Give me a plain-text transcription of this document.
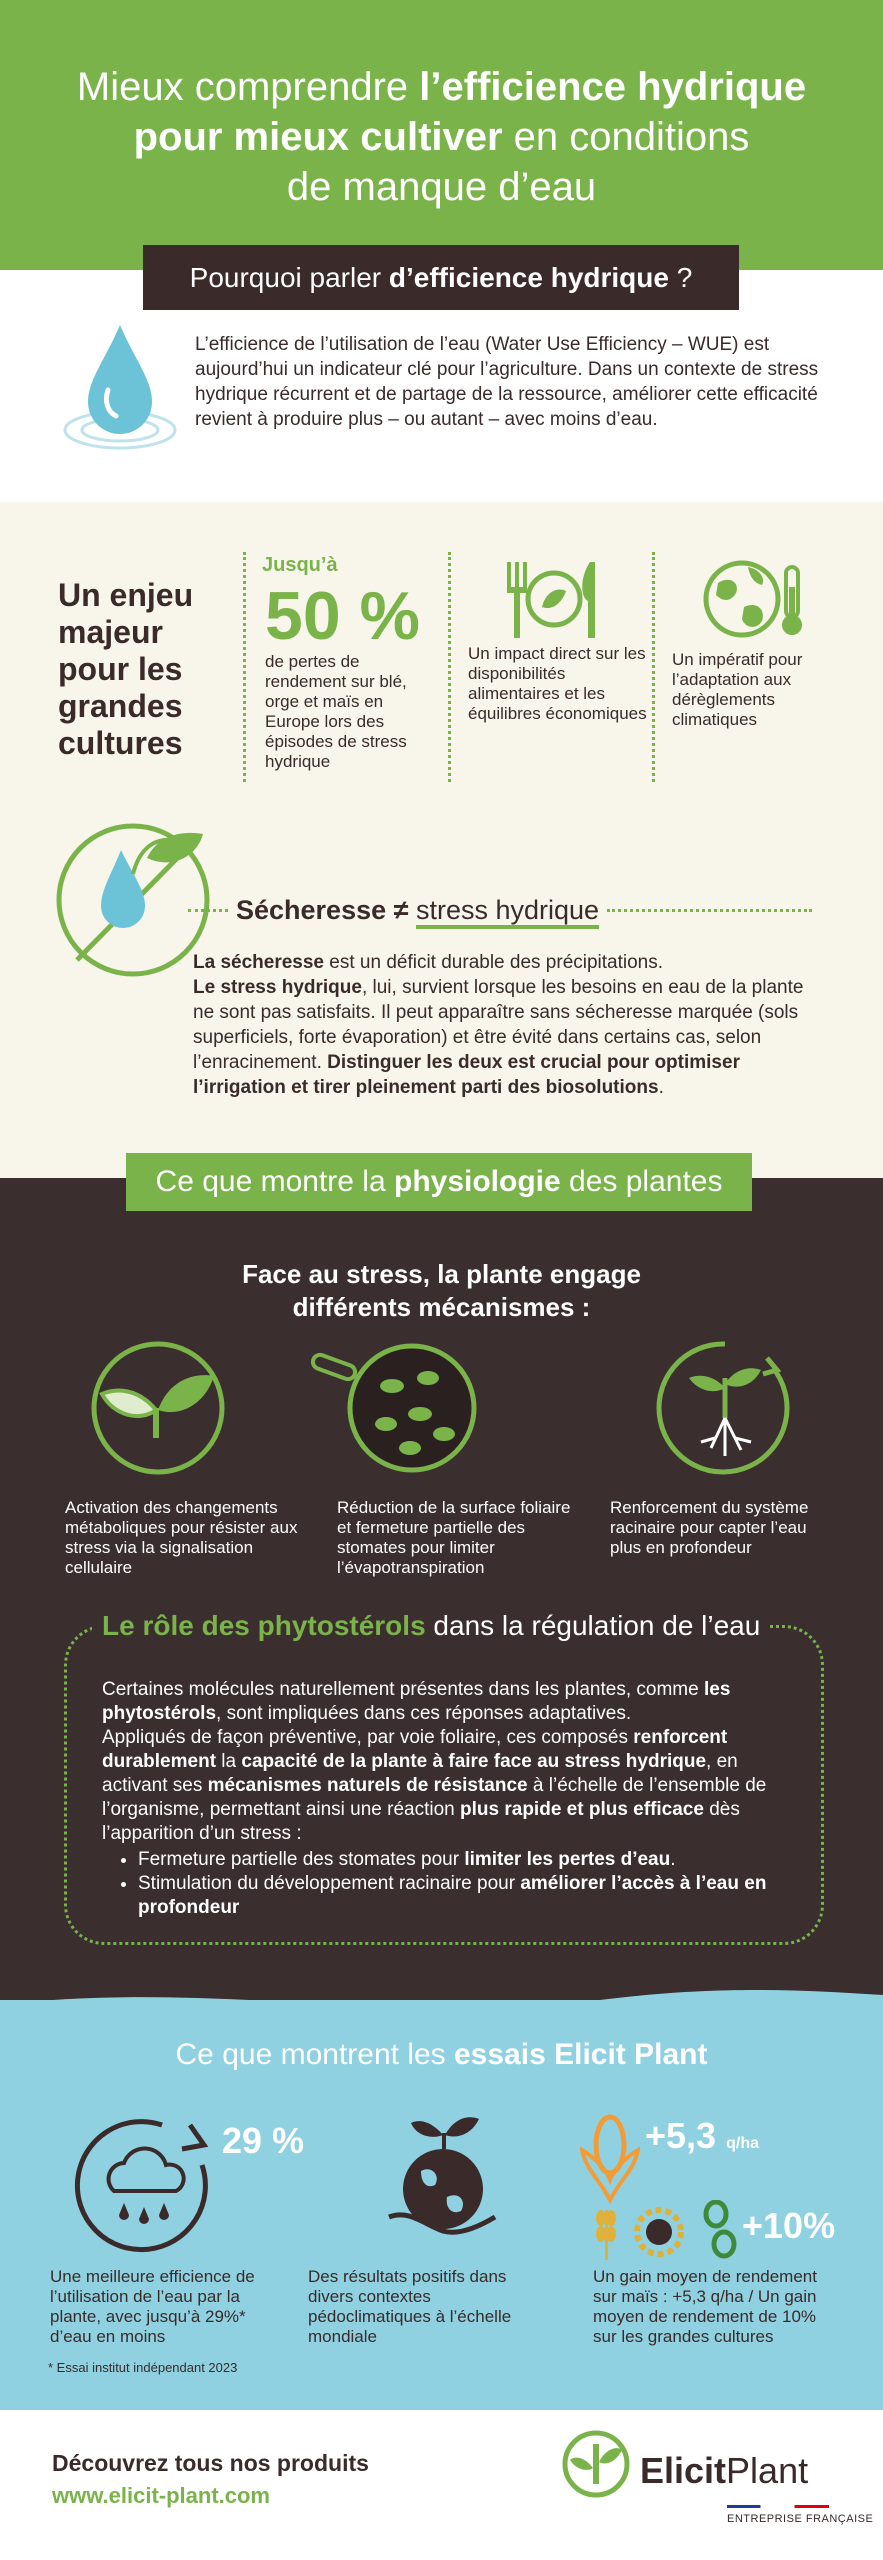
Mieux comprendre l’efficience hydrique
pour mieux cultiver en conditions
de manque d’eau
Pourquoi parler d’efficience hydrique ?

L’efficience de l’utilisation de l’eau (Water Use Efficiency – WUE) est aujourd’hui un indicateur clé pour l’agriculture. Dans un contexte de stress hydrique récurrent et de partage de la ressource, améliorer cette efficacité revient à produire plus – ou autant – avec moins d’eau.

Un enjeu majeur pour les grandes cultures
Jusqu’à
50 %
de pertes de rendement sur blé, orge et maïs en Europe lors des épisodes de stress hydrique
Un impact direct sur les disponibilités alimentaires et les équilibres économiques
Un impératif pour l’adaptation aux dérèglements climatiques
Sécheresse
≠
stress hydrique

La sécheresse est un déficit durable des précipitations.
Le stress hydrique, lui, survient lorsque les besoins en eau de la plante ne sont pas satisfaits. Il peut apparaître sans sécheresse marquée (sols superficiels, forte évaporation) et être évité dans certains cas, selon l’enracinement. Distinguer les deux est crucial pour optimiser l’irrigation et tirer pleinement parti des biosolutions.

Ce que montre la physiologie des plantes
Face au stress, la plante engage
différents mécanismes :
Activation des changements métaboliques pour résister aux stress via la signalisation cellulaire
Réduction de la surface foliaire et fermeture partielle des stomates pour limiter l’évapotranspiration
Renforcement du système racinaire pour capter l’eau plus en profondeur
Le rôle des phytostérols dans la régulation de l’eau
Certaines molécules naturellement présentes dans les plantes, comme les phytostérols, sont impliquées dans ces réponses adaptatives.
Appliqués de façon préventive, par voie foliaire, ces composés renforcent durablement la capacité de la plante à faire face au stress hydrique, en activant ses mécanismes naturels de résistance à l’échelle de l’ensemble de l’organisme, permettant ainsi une réaction plus rapide et plus efficace dès l’apparition d’un stress :
• Fermeture partielle des stomates pour limiter les pertes d’eau.
• Stimulation du développement racinaire pour améliorer l’accès à l’eau en profondeur
Ce que montrent les essais Elicit Plant
29 %	+5,3 q/ha
+10%
Une meilleure efficience de l’utilisation de l’eau par la plante, avec jusqu’à 29%* d’eau en moins
Des résultats positifs dans divers contextes pédoclimatiques à l’échelle mondiale
Un gain moyen de rendement sur maïs : +5,3 q/ha / Un gain moyen de rendement de 10% sur les grandes cultures
* Essai institut indépendant 2023
Découvrez tous nos produits
www.elicit-plant.com
ElicitPlant
ENTREPRISE FRANÇAISE
